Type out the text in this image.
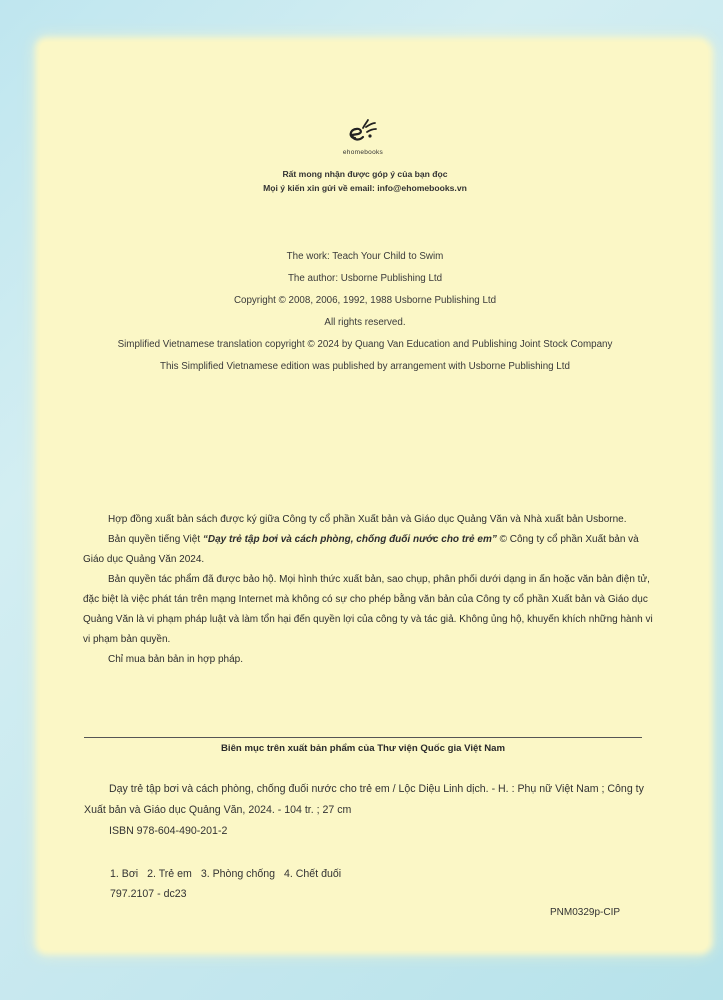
ehomebooks
Rất mong nhận được góp ý của bạn đọc
Mọi ý kiến xin gửi về email: info@ehomebooks.vn
The work: Teach Your Child to Swim
The author: Usborne Publishing Ltd
Copyright © 2008, 2006, 1992, 1988 Usborne Publishing Ltd
All rights reserved.
Simplified Vietnamese translation copyright © 2024 by Quang Van Education and Publishing Joint Stock Company
This Simplified Vietnamese edition was published by arrangement with Usborne Publishing Ltd
Hợp đồng xuất bản sách được ký giữa Công ty cổ phần Xuất bản và Giáo dục Quảng Văn và Nhà xuất bản Usborne.
Bản quyền tiếng Việt “Dạy trẻ tập bơi và cách phòng, chống đuối nước cho trẻ em” © Công ty cổ phần Xuất bản và Giáo dục Quảng Văn 2024.
Bản quyền tác phẩm đã được bảo hộ. Mọi hình thức xuất bản, sao chụp, phân phối dưới dạng in ấn hoặc văn bản điện tử, đặc biệt là việc phát tán trên mạng Internet mà không có sự cho phép bằng văn bản của Công ty cổ phần Xuất bản và Giáo dục Quảng Văn là vi phạm pháp luật và làm tổn hại đến quyền lợi của công ty và tác giả. Không ủng hộ, khuyến khích những hành vi vi phạm bản quyền.
Chỉ mua bản bản in hợp pháp.
Biên mục trên xuất bản phẩm của Thư viện Quốc gia Việt Nam
Dạy trẻ tập bơi và cách phòng, chống đuối nước cho trẻ em / Lộc Diệu Linh dịch. - H. : Phụ nữ Việt Nam ; Công ty Xuất bản và Giáo dục Quảng Văn, 2024. - 104 tr. ; 27 cm
ISBN 978-604-490-201-2
1. Bơi 2. Trẻ em 3. Phòng chống 4. Chết đuối
797.2107 - dc23
PNM0329p-CIP
